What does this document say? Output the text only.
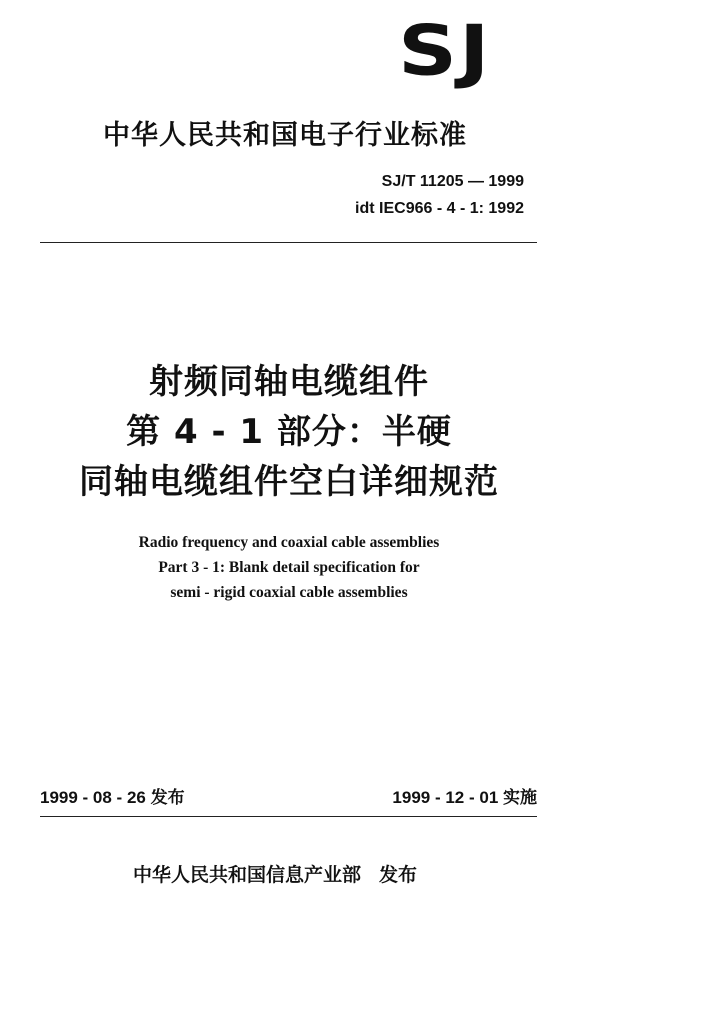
SJ
中华人民共和国电子行业标准
SJ/T 11205 — 1999
idt IEC966 - 4 - 1: 1992
射频同轴电缆组件
第 4 - 1 部分：半硬
同轴电缆组件空白详细规范
Radio frequency and coaxial cable assemblies
Part 3 - 1: Blank detail specification for
semi - rigid coaxial cable assemblies
1999 - 08 - 26 发布	1999 - 12 - 01 实施
中华人民共和国信息产业部 发布
